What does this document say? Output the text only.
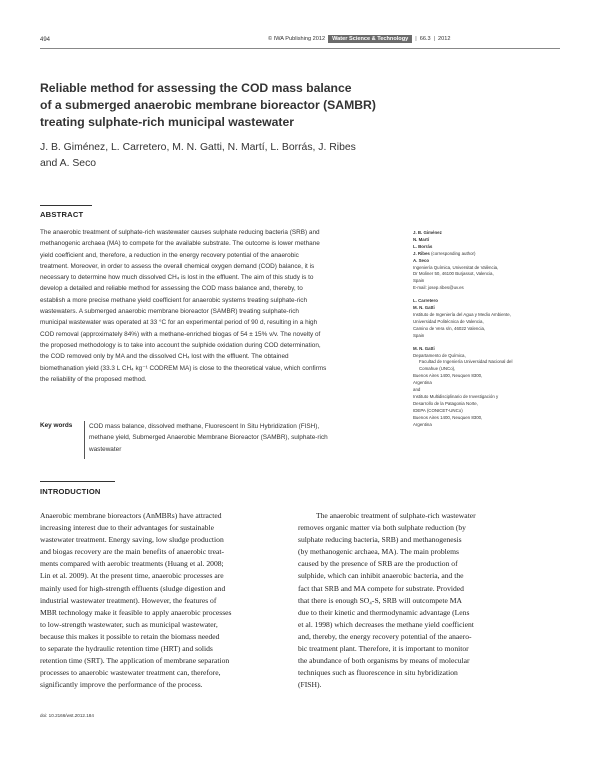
494	© IWA Publishing 2012	Water Science & Technology	| 66.3 | 2012
Reliable method for assessing the COD mass balance
of a submerged anaerobic membrane bioreactor (SAMBR)
treating sulphate-rich municipal wastewater
J. B. Giménez, L. Carretero, M. N. Gatti, N. Martí, L. Borrás, J. Ribes
and A. Seco
ABSTRACT
The anaerobic treatment of sulphate-rich wastewater causes sulphate reducing bacteria (SRB) and
methanogenic archaea (MA) to compete for the available substrate. The outcome is lower methane
yield coefficient and, therefore, a reduction in the energy recovery potential of the anaerobic
treatment. Moreover, in order to assess the overall chemical oxygen demand (COD) balance, it is
necessary to determine how much dissolved CH₄ is lost in the effluent. The aim of this study is to
develop a detailed and reliable method for assessing the COD mass balance and, thereby, to
establish a more precise methane yield coefficient for anaerobic systems treating sulphate-rich
wastewaters. A submerged anaerobic membrane bioreactor (SAMBR) treating sulphate-rich
municipal wastewater was operated at 33 °C for an experimental period of 90 d, resulting in a high
COD removal (approximately 84%) with a methane-enriched biogas of 54 ± 15% v/v. The novelty of
the proposed methodology is to take into account the sulphide oxidation during COD determination,
the COD removed only by MA and the dissolved CH₄ lost with the effluent. The obtained
biomethanation yield (33.3 L CH₄ kg⁻¹ CODREM MA) is close to the theoretical value, which confirms
the reliability of the proposed method.
Key words	COD mass balance, dissolved methane, Fluorescent In Situ Hybridization (FISH),
methane yield, Submerged Anaerobic Membrane Bioreactor (SAMBR), sulphate-rich
wastewater
J. B. Giménez
N. Martí
L. Borrás
J. Ribes (corresponding author)
A. Seco
Ingeniería Química, Universitat de València,
Dr Moliner 50, 46100 Burjassot, Valencia,
Spain
E-mail: josep.ribes@uv.es
L. Carretero
M. N. Gatti
Instituto de Ingeniería del Agua y Medio Ambiente,
Universidad Politécnica de Valencia,
Camino de Vera s/n, 46022 Valencia,
Spain
M. N. Gatti
Departamento de Química,
Facultad de Ingeniería Universidad Nacional del
Comahue (UNCo),
Buenos Aires 1400, Neuquen 8300,
Argentina
and
Instituto Multidisciplinario de Investigación y
Desarrollo de la Patagonia Norte,
IDEPA (CONICET-UNCo)
Buenos Aires 1400, Neuquen 8300,
Argentina
INTRODUCTION
Anaerobic membrane bioreactors (AnMBRs) have attracted
increasing interest due to their advantages for sustainable
wastewater treatment. Energy saving, low sludge production
and biogas recovery are the main benefits of anaerobic treat-
ments compared with aerobic treatments (Huang et al. 2008;
Lin et al. 2009). At the present time, anaerobic processes are
mainly used for high-strength effluents (sludge digestion and
industrial wastewater treatment). However, the features of
MBR technology make it feasible to apply anaerobic processes
to low-strength wastewater, such as municipal wastewater,
because this makes it possible to retain the biomass needed
to separate the hydraulic retention time (HRT) and solids
retention time (SRT). The application of membrane separation
processes to anaerobic wastewater treatment can, therefore,
significantly improve the performance of the process.
The anaerobic treatment of sulphate-rich wastewater
removes organic matter via both sulphate reduction (by
sulphate reducing bacteria, SRB) and methanogenesis
(by methanogenic archaea, MA). The main problems
caused by the presence of SRB are the production of
sulphide, which can inhibit anaerobic bacteria, and the
fact that SRB and MA compete for substrate. Provided
that there is enough SO₄-S, SRB will outcompete MA
due to their kinetic and thermodynamic advantage (Lens
et al. 1998) which decreases the methane yield coefficient
and, thereby, the energy recovery potential of the anaero-
bic treatment plant. Therefore, it is important to monitor
the abundance of both organisms by means of molecular
techniques such as fluorescence in situ hybridization
(FISH).
doi: 10.2166/wst.2012.184
